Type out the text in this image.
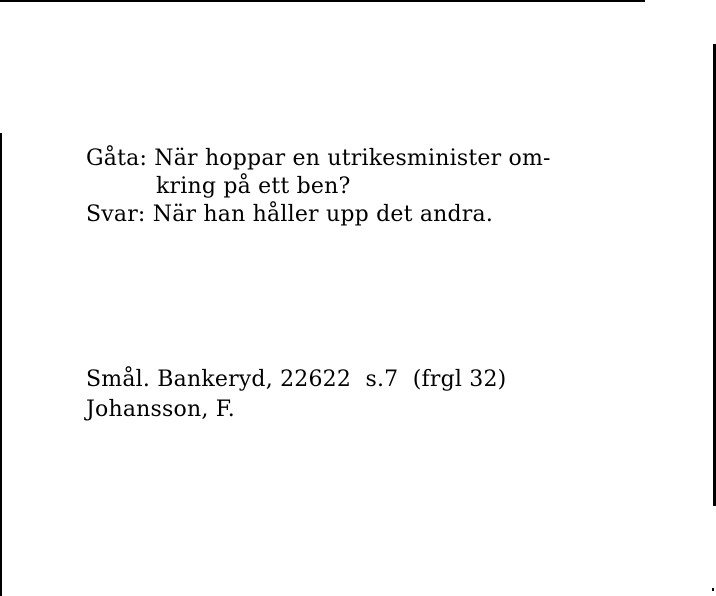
Gåta: När hoppar en utrikesminister om-
kring på ett ben?
Svar: När han håller upp det andra.
Smål. Bankeryd, 22622  s.7  (frgl 32)
Johansson, F.
